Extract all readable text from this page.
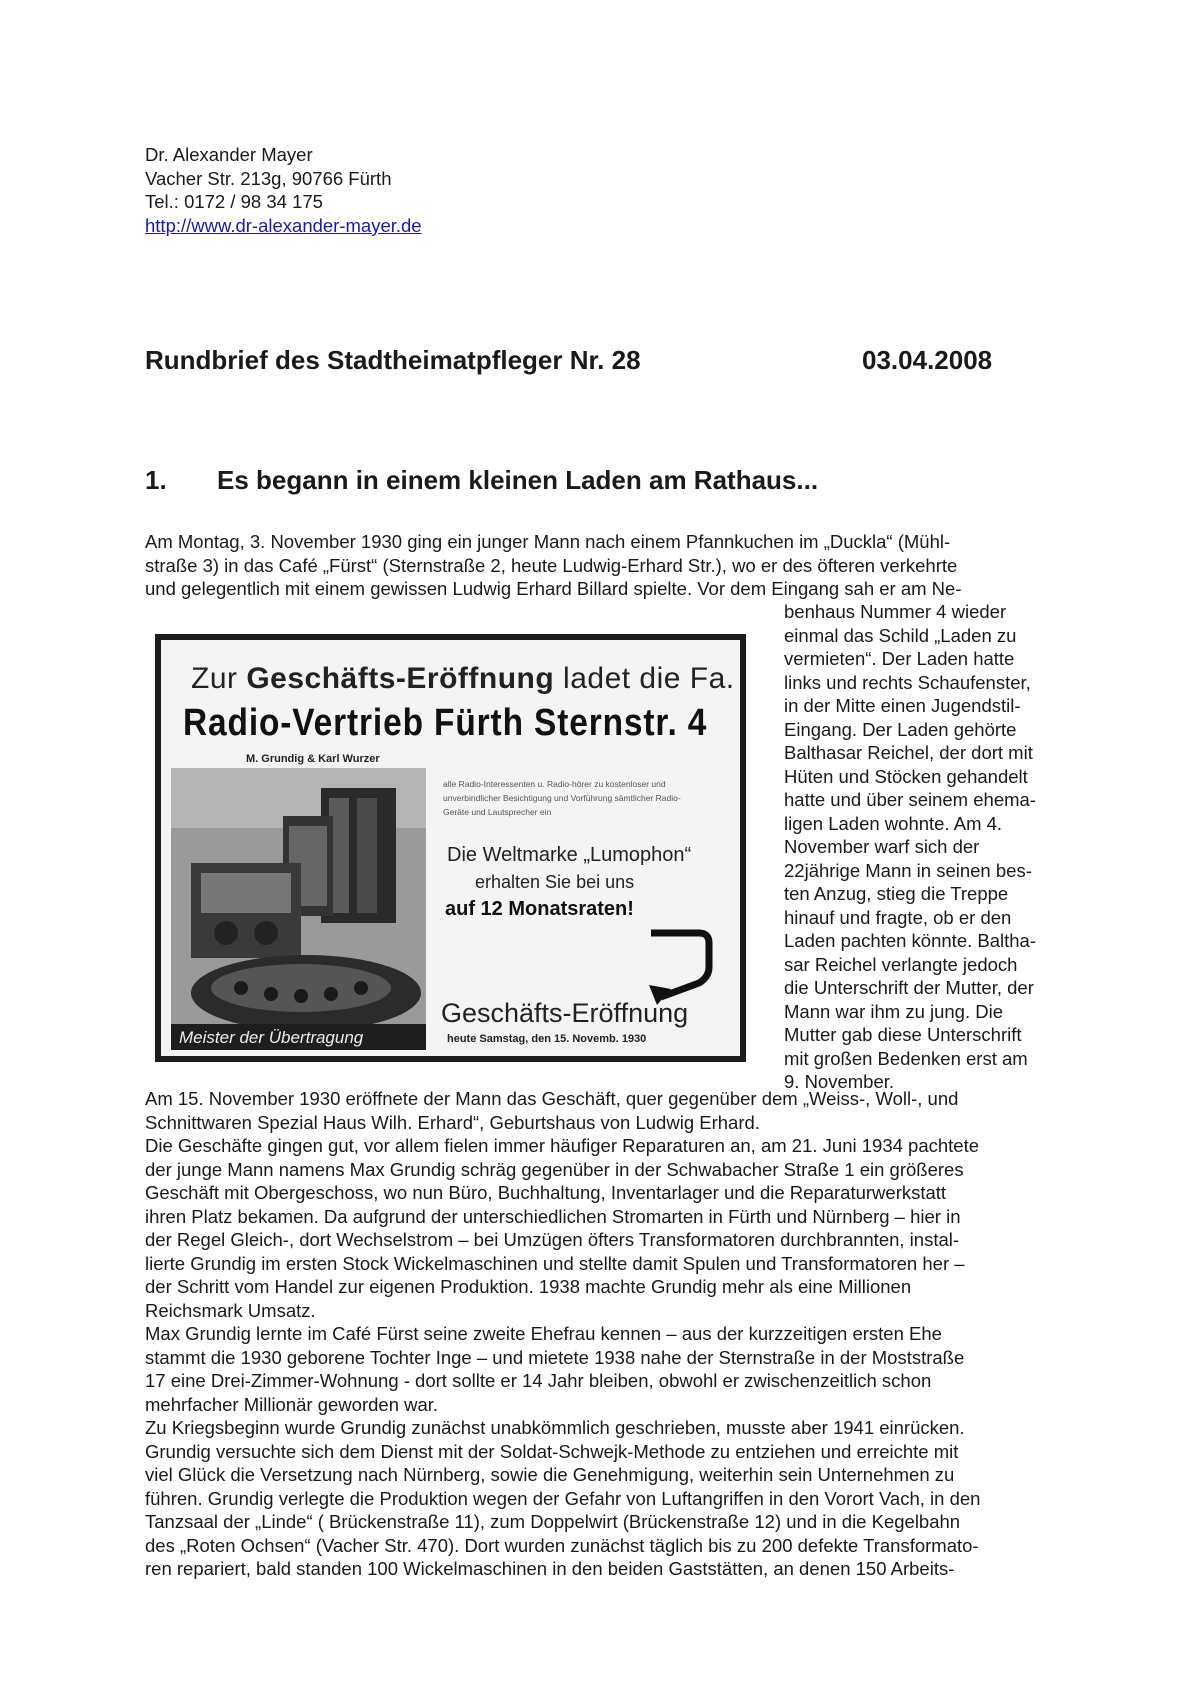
Dr. Alexander Mayer
Vacher Str. 213g, 90766 Fürth
Tel.: 0172 / 98 34 175
http://www.dr-alexander-mayer.de
Rundbrief des Stadtheimatpfleger Nr. 28	03.04.2008
1. Es begann in einem kleinen Laden am Rathaus...
Am Montag, 3. November 1930 ging ein junger Mann nach einem Pfannkuchen im „Duckla“ (Mühl-
straße 3) in das Café „Fürst“ (Sternstraße 2, heute Ludwig-Erhard Str.), wo er des öfteren verkehrte
und gelegentlich mit einem gewissen Ludwig Erhard Billard spielte. Vor dem Eingang sah er am Ne-
benhaus Nummer 4 wieder
einmal das Schild „Laden zu
vermieten“. Der Laden hatte
links und rechts Schaufenster,
in der Mitte einen Jugendstil-
Eingang. Der Laden gehörte
Balthasar Reichel, der dort mit
Hüten und Stöcken gehandelt
hatte und über seinem ehema-
ligen Laden wohnte. Am 4.
November warf sich der
22jährige Mann in seinen bes-
ten Anzug, stieg die Treppe
hinauf und fragte, ob er den
Laden pachten könnte. Baltha-
sar Reichel verlangte jedoch
die Unterschrift der Mutter, der
Mann war ihm zu jung. Die
Mutter gab diese Unterschrift
mit großen Bedenken erst am
9. November.
Zur Geschäfts-Eröffnung ladet die Fa.
Radio-Vertrieb Fürth Sternstr. 4
M. Grundig & Karl Wurzer
alle Radio-Interessenten u. Radio-hörer zu kostenloser und unverbindlicher Besichtigung und Vorführung sämtlicher Radio-Geräte und Lautsprecher ein
Meister der Übertragung
Die Weltmarke „Lumophon“
erhalten Sie bei uns
auf 12 Monatsraten!
Geschäfts-Eröffnung
heute Samstag, den 15. Novemb. 1930
Am 15. November 1930 eröffnete der Mann das Geschäft, quer gegenüber dem „Weiss-, Woll-, und
Schnittwaren Spezial Haus Wilh. Erhard“, Geburtshaus von Ludwig Erhard.
Die Geschäfte gingen gut, vor allem fielen immer häufiger Reparaturen an, am 21. Juni 1934 pachtete
der junge Mann namens Max Grundig schräg gegenüber in der Schwabacher Straße 1 ein größeres
Geschäft mit Obergeschoss, wo nun Büro, Buchhaltung, Inventarlager und die Reparaturwerkstatt
ihren Platz bekamen. Da aufgrund der unterschiedlichen Stromarten in Fürth und Nürnberg – hier in
der Regel Gleich-, dort Wechselstrom – bei Umzügen öfters Transformatoren durchbrannten, instal-
lierte Grundig im ersten Stock Wickelmaschinen und stellte damit Spulen und Transformatoren her –
der Schritt vom Handel zur eigenen Produktion. 1938 machte Grundig mehr als eine Millionen
Reichsmark Umsatz.
Max Grundig lernte im Café Fürst seine zweite Ehefrau kennen – aus der kurzzeitigen ersten Ehe
stammt die 1930 geborene Tochter Inge – und mietete 1938 nahe der Sternstraße in der Moststraße
17 eine Drei-Zimmer-Wohnung - dort sollte er 14 Jahr bleiben, obwohl er zwischenzeitlich schon
mehrfacher Millionär geworden war.
Zu Kriegsbeginn wurde Grundig zunächst unabkömmlich geschrieben, musste aber 1941 einrücken.
Grundig versuchte sich dem Dienst mit der Soldat-Schwejk-Methode zu entziehen und erreichte mit
viel Glück die Versetzung nach Nürnberg, sowie die Genehmigung, weiterhin sein Unternehmen zu
führen. Grundig verlegte die Produktion wegen der Gefahr von Luftangriffen in den Vorort Vach, in den
Tanzsaal der „Linde“ ( Brückenstraße 11), zum Doppelwirt (Brückenstraße 12) und in die Kegelbahn
des „Roten Ochsen“ (Vacher Str. 470). Dort wurden zunächst täglich bis zu 200 defekte Transformato-
ren repariert, bald standen 100 Wickelmaschinen in den beiden Gaststätten, an denen 150 Arbeits-
